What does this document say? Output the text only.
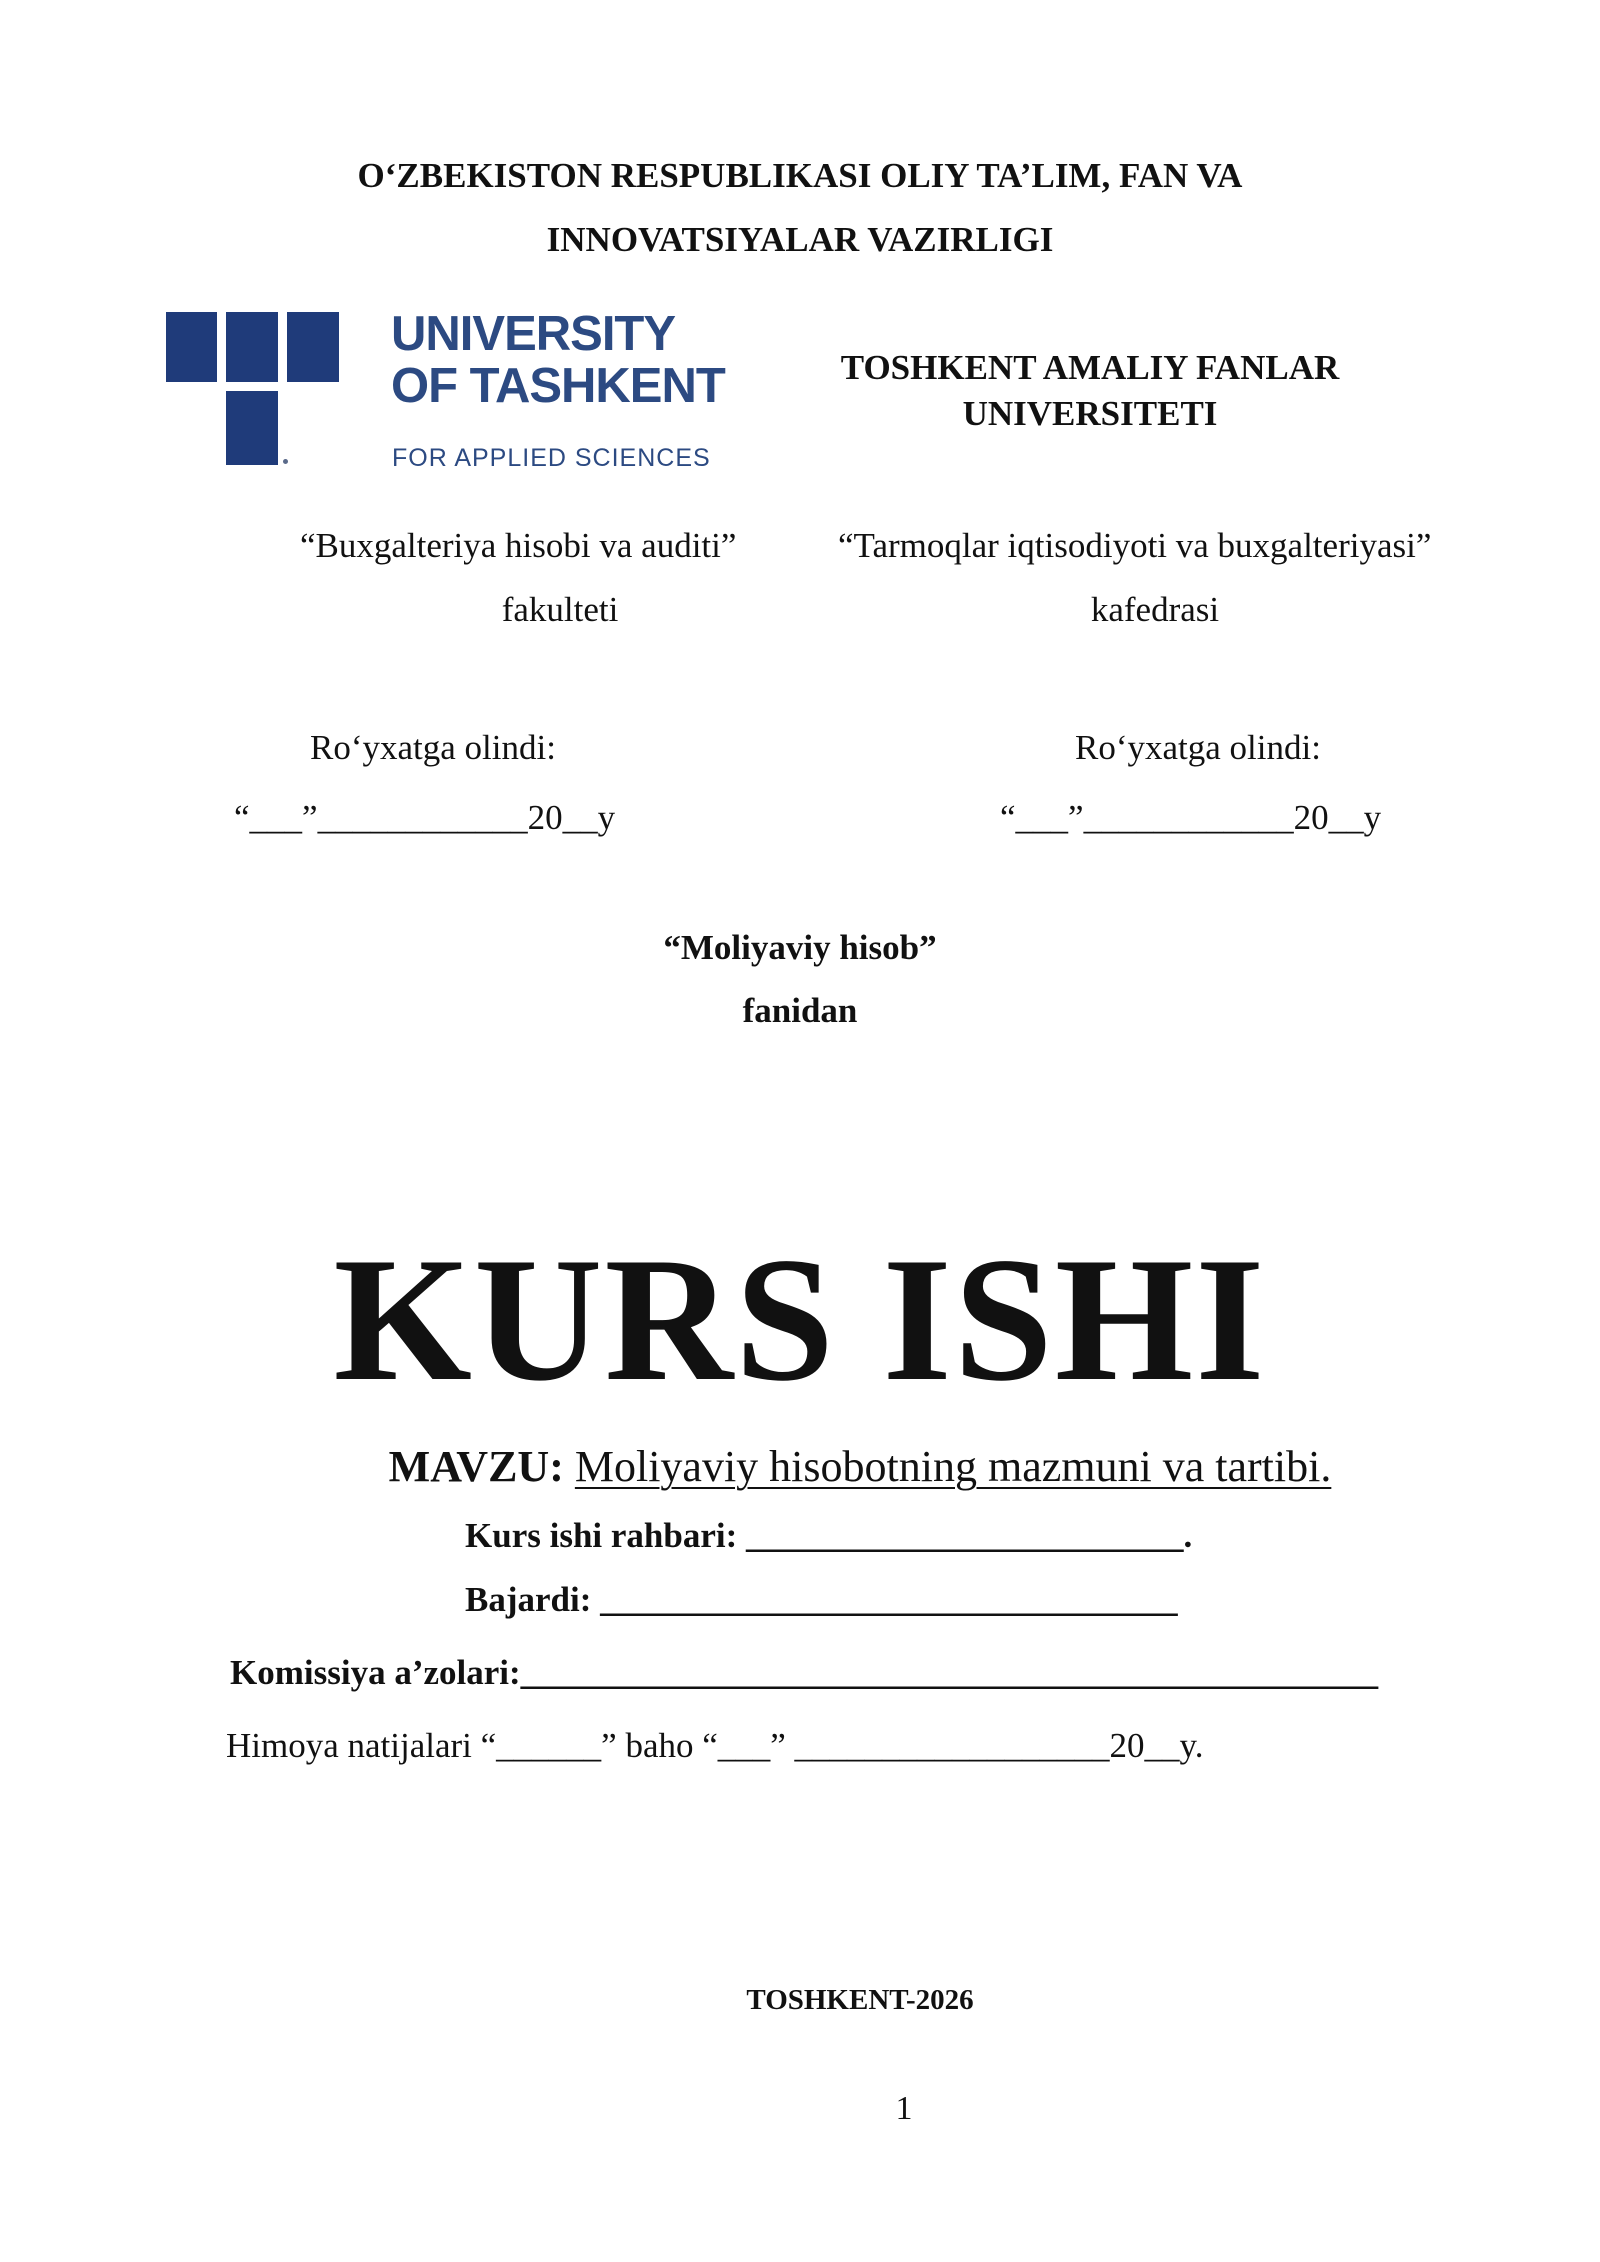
O‘ZBEKISTON RESPUBLIKASI OLIY TA’LIM, FAN VA
INNOVATSIYALAR VAZIRLIGI
UNIVERSITY
OF TASHKENT
FOR APPLIED SCIENCES
TOSHKENT AMALIY FANLAR
UNIVERSITETI
“Buxgalteriya hisobi va auditi”
fakulteti
“Tarmoqlar iqtisodiyoti va buxgalteriyasi”
kafedrasi
Ro‘yxatga olindi:
“___”____________20__y
Ro‘yxatga olindi:
“___”____________20__y
“Moliyaviy hisob”
fanidan
KURS ISHI
MAVZU: Moliyaviy hisobotning mazmuni va tartibi.
Kurs ishi rahbari: _________________________.
Bajardi: _________________________________
Komissiya a’zolari:_________________________________________________
Himoya natijalari “______” baho “___” __________________20__y.
TOSHKENT-2026
1
